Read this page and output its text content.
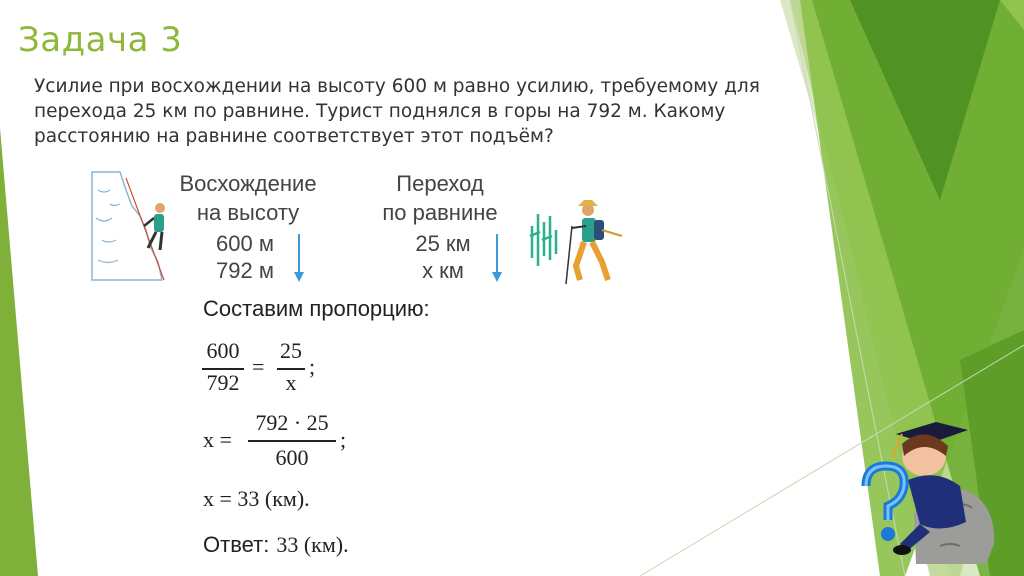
Задача 3
Усилие при восхождении на высоту 600 м равно усилию, требуемому для перехода 25 км по равнине. Турист поднялся в горы на 792 м. Какому расстоянию на равнине соответствует этот подъём?
Восхождение
на высоту
600 м
792 м
Переход
по равнине
25 км
x км
Составим пропорцию:
600
792
=
25
x
;
x =
792 · 25
600
;
x = 33 (км).
Ответ: 33 (км).
